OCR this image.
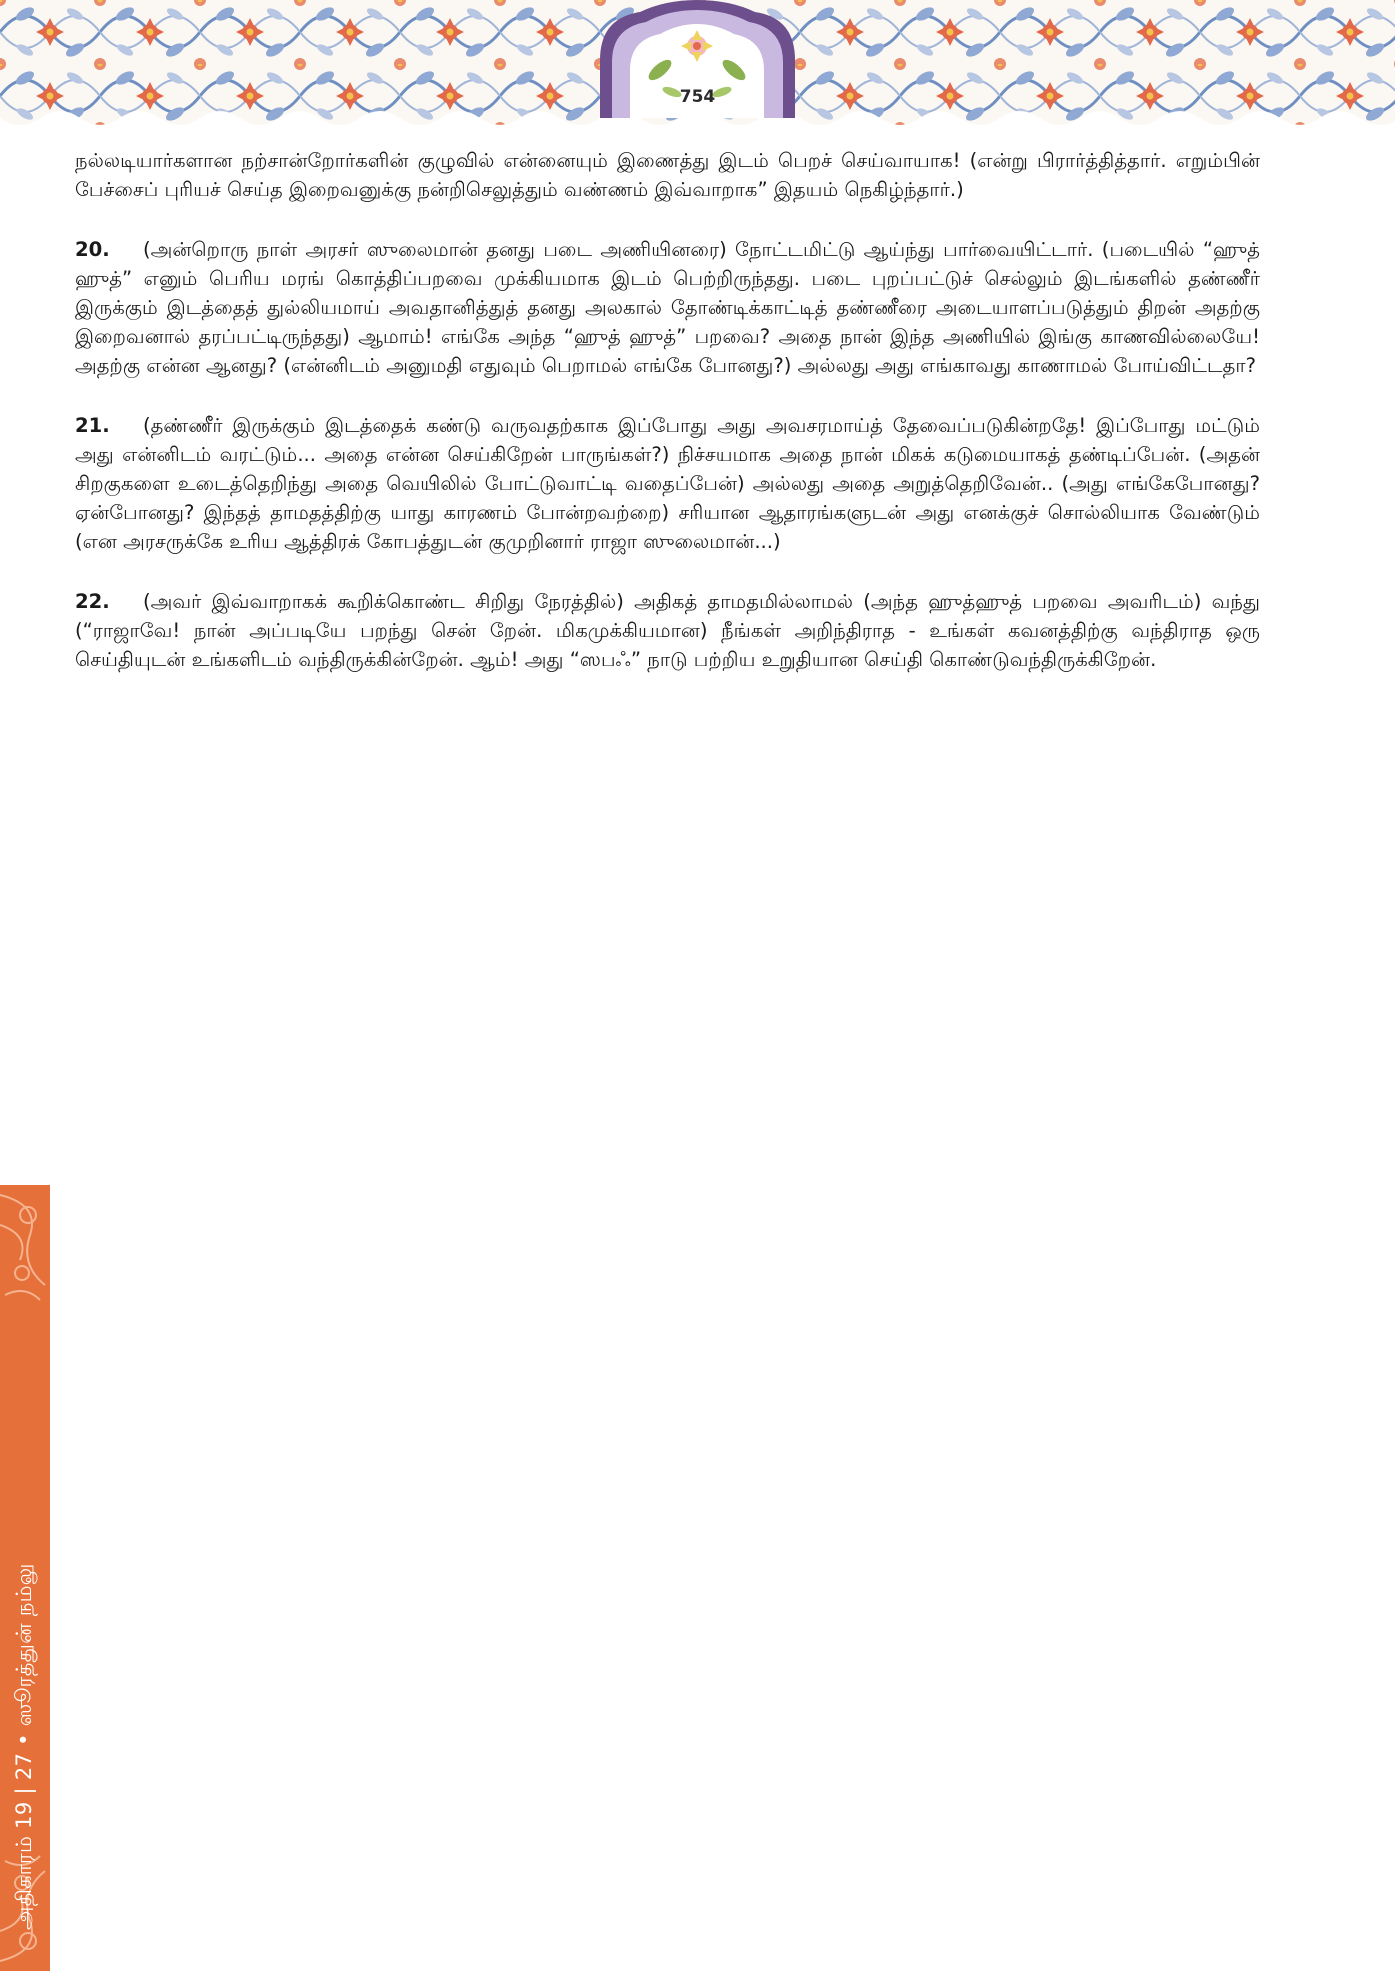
754
அதிகாரம் 19 | 27 • ஸூரத்துன் நம்லு

நல்லடியார்களான நற்சான்றோர்களின் குழுவில் என்னையும் இணைத்து இடம் பெறச் செய்வாயாக! (என்று பிரார்த்தித்தார். எறும்பின் பேச்சைப் புரியச் செய்த இறைவனுக்கு நன்றிசெலுத்தும் வண்ணம் இவ்வாறாக” இதயம் நெகிழ்ந்தார்.)

20. (அன்றொரு நாள் அரசர் ஸுலைமான் தனது படை அணியினரை) நோட்டமிட்டு ஆய்ந்து பார்வையிட்டார். (படையில் “ஹுத் ஹுத்” எனும் பெரிய மரங் கொத்திப்பறவை முக்கியமாக இடம் பெற்றிருந்தது. படை புறப்பட்டுச் செல்லும் இடங்களில் தண்ணீர் இருக்கும் இடத்தைத் துல்லியமாய் அவதானித்துத் தனது அலகால் தோண்டிக்காட்டித் தண்ணீரை அடையாளப்படுத்தும் திறன் அதற்கு இறைவனால் தரப்பட்டிருந்தது) ஆமாம்! எங்கே அந்த “ஹுத் ஹுத்” பறவை? அதை நான் இந்த அணியில் இங்கு காணவில்லையே! அதற்கு என்ன ஆனது? (என்னிடம் அனுமதி எதுவும் பெறாமல் எங்கே போனது?) அல்லது அது எங்காவது காணாமல் போய்விட்டதா?

21. (தண்ணீர் இருக்கும் இடத்தைக் கண்டு வருவதற்காக இப்போது அது அவசரமாய்த் தேவைப்படுகின்றதே! இப்போது மட்டும் அது என்னிடம் வரட்டும்... அதை என்ன செய்கிறேன் பாருங்கள்?) நிச்சயமாக அதை நான் மிகக் கடுமையாகத் தண்டிப்பேன். (அதன் சிறகுகளை உடைத்தெறிந்து அதை வெயிலில் போட்டுவாட்டி வதைப்பேன்) அல்லது அதை அறுத்தெறிவேன்.. (அது எங்கேபோனது? ஏன்போனது? இந்தத் தாமதத்திற்கு யாது காரணம் போன்றவற்றை) சரியான ஆதாரங்களுடன் அது எனக்குச் சொல்லியாக வேண்டும் (என அரசருக்கே உரிய ஆத்திரக் கோபத்துடன் குமுறினார் ராஜா ஸுலைமான்...)

22. (அவர் இவ்வாறாகக் கூறிக்கொண்ட சிறிது நேரத்தில்) அதிகத் தாமதமில்லாமல் (அந்த ஹுத்ஹுத் பறவை அவரிடம்) வந்து (“ராஜாவே! நான் அப்படியே பறந்து சென் றேன். மிகமுக்கியமான) நீங்கள் அறிந்திராத - உங்கள் கவனத்திற்கு வந்திராத ஒரு செய்தியுடன் உங்களிடம் வந்திருக்கின்றேன். ஆம்! அது “ஸபஃ” நாடு பற்றிய உறுதியான செய்தி கொண்டுவந்திருக்கிறேன்.
